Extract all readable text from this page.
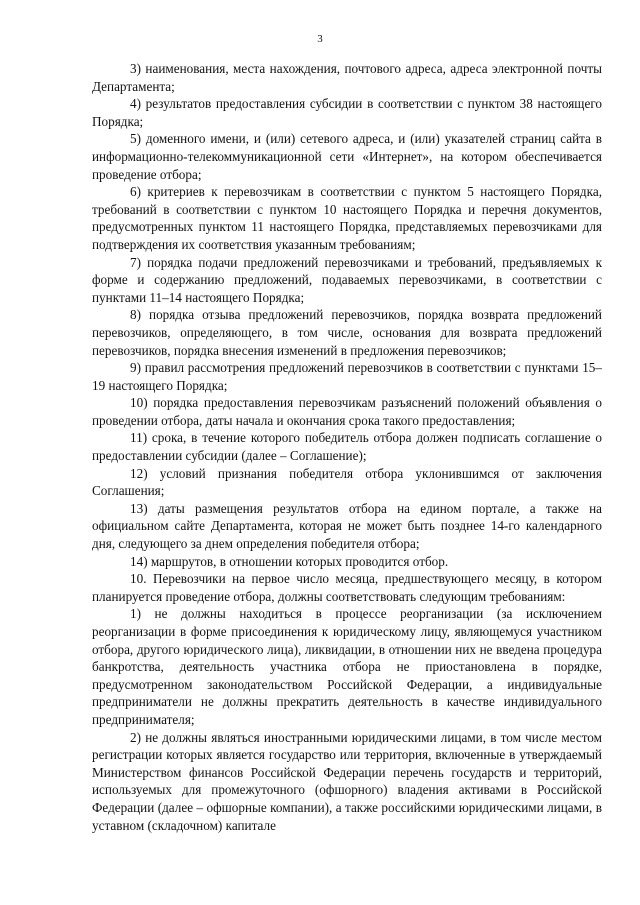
3

3) наименования, места нахождения, почтового адреса, адреса электронной почты Департамента;

4) результатов предоставления субсидии в соответствии с пунктом 38 настоящего Порядка;

5) доменного имени, и (или) сетевого адреса, и (или) указателей страниц сайта в информационно-телекоммуникационной сети «Интернет», на котором обеспечивается проведение отбора;

6) критериев к перевозчикам в соответствии с пунктом 5 настоящего Порядка, требований в соответствии с пунктом 10 настоящего Порядка и перечня документов, предусмотренных пунктом 11 настоящего Порядка, представляемых перевозчиками для подтверждения их соответствия указанным требованиям;

7) порядка подачи предложений перевозчиками и требований, предъявляемых к форме и содержанию предложений, подаваемых перевозчиками, в соответствии с пунктами 11–14 настоящего Порядка;

8) порядка отзыва предложений перевозчиков, порядка возврата предложений перевозчиков, определяющего, в том числе, основания для возврата предложений перевозчиков, порядка внесения изменений в предложения перевозчиков;

9) правил рассмотрения предложений перевозчиков в соответствии с пунктами 15–19 настоящего Порядка;

10) порядка предоставления перевозчикам разъяснений положений объявления о проведении отбора, даты начала и окончания срока такого предоставления;

11) срока, в течение которого победитель отбора должен подписать соглашение о предоставлении субсидии (далее – Соглашение);

12) условий признания победителя отбора уклонившимся от заключения Соглашения;

13) даты размещения результатов отбора на едином портале, а также на официальном сайте Департамента, которая не может быть позднее 14-го календарного дня, следующего за днем определения победителя отбора;

14) маршрутов, в отношении которых проводится отбор.

10. Перевозчики на первое число месяца, предшествующего месяцу, в котором планируется проведение отбора, должны соответствовать следующим требованиям:

1) не должны находиться в процессе реорганизации (за исключением реорганизации в форме присоединения к юридическому лицу, являющемуся участником отбора, другого юридического лица), ликвидации, в отношении них не введена процедура банкротства, деятельность участника отбора не приостановлена в порядке, предусмотренном законодательством Российской Федерации, а индивидуальные предприниматели не должны прекратить деятельность в качестве индивидуального предпринимателя;

2) не должны являться иностранными юридическими лицами, в том числе местом регистрации которых является государство или территория, включенные в утверждаемый Министерством финансов Российской Федерации перечень государств и территорий, используемых для промежуточного (офшорного) владения активами в Российской Федерации (далее – офшорные компании), а также российскими юридическими лицами, в уставном (складочном) капитале
